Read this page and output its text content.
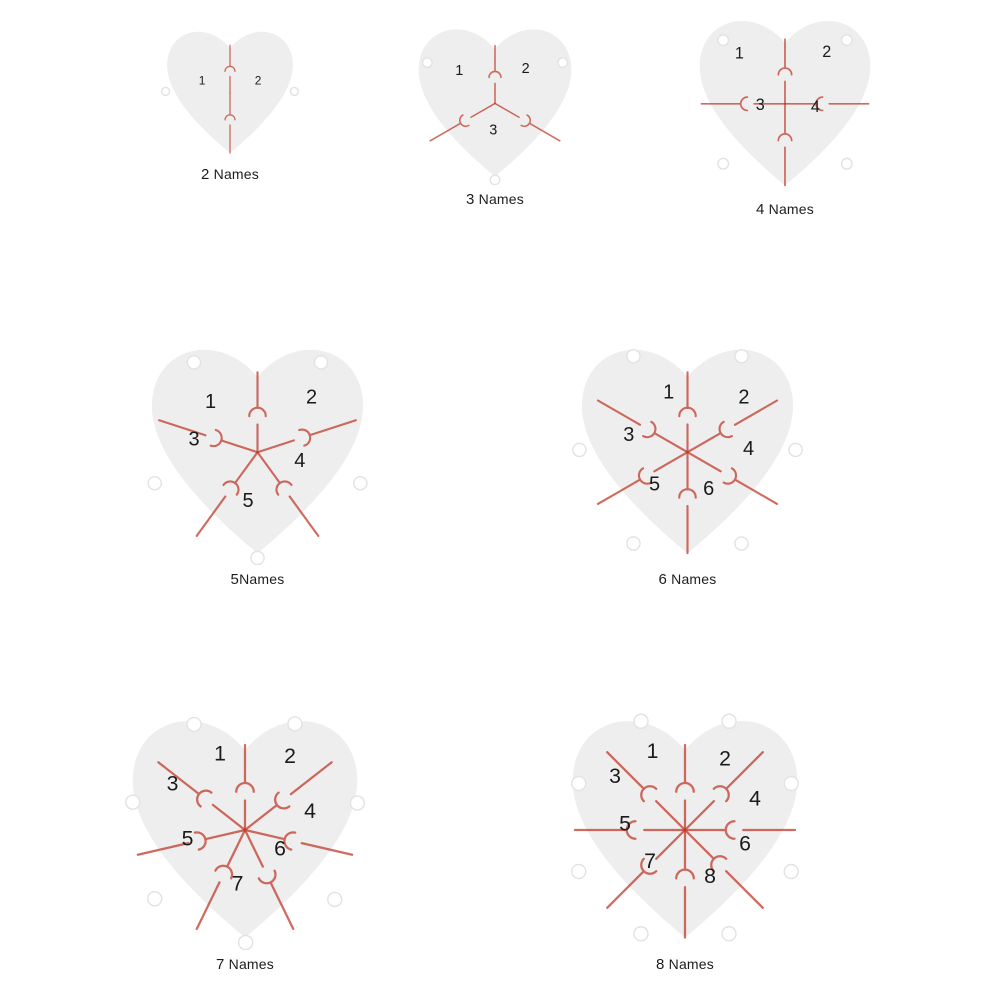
1	2
2 Names
1	2
3
3 Names
1	2
3	4
4 Names
1	2
3
4
5
5Names
1	2
3
4
5 6
6 Names
1	2
3
4
5	6
7
7 Names
1	2
3
4
5
6
7
8
8 Names
